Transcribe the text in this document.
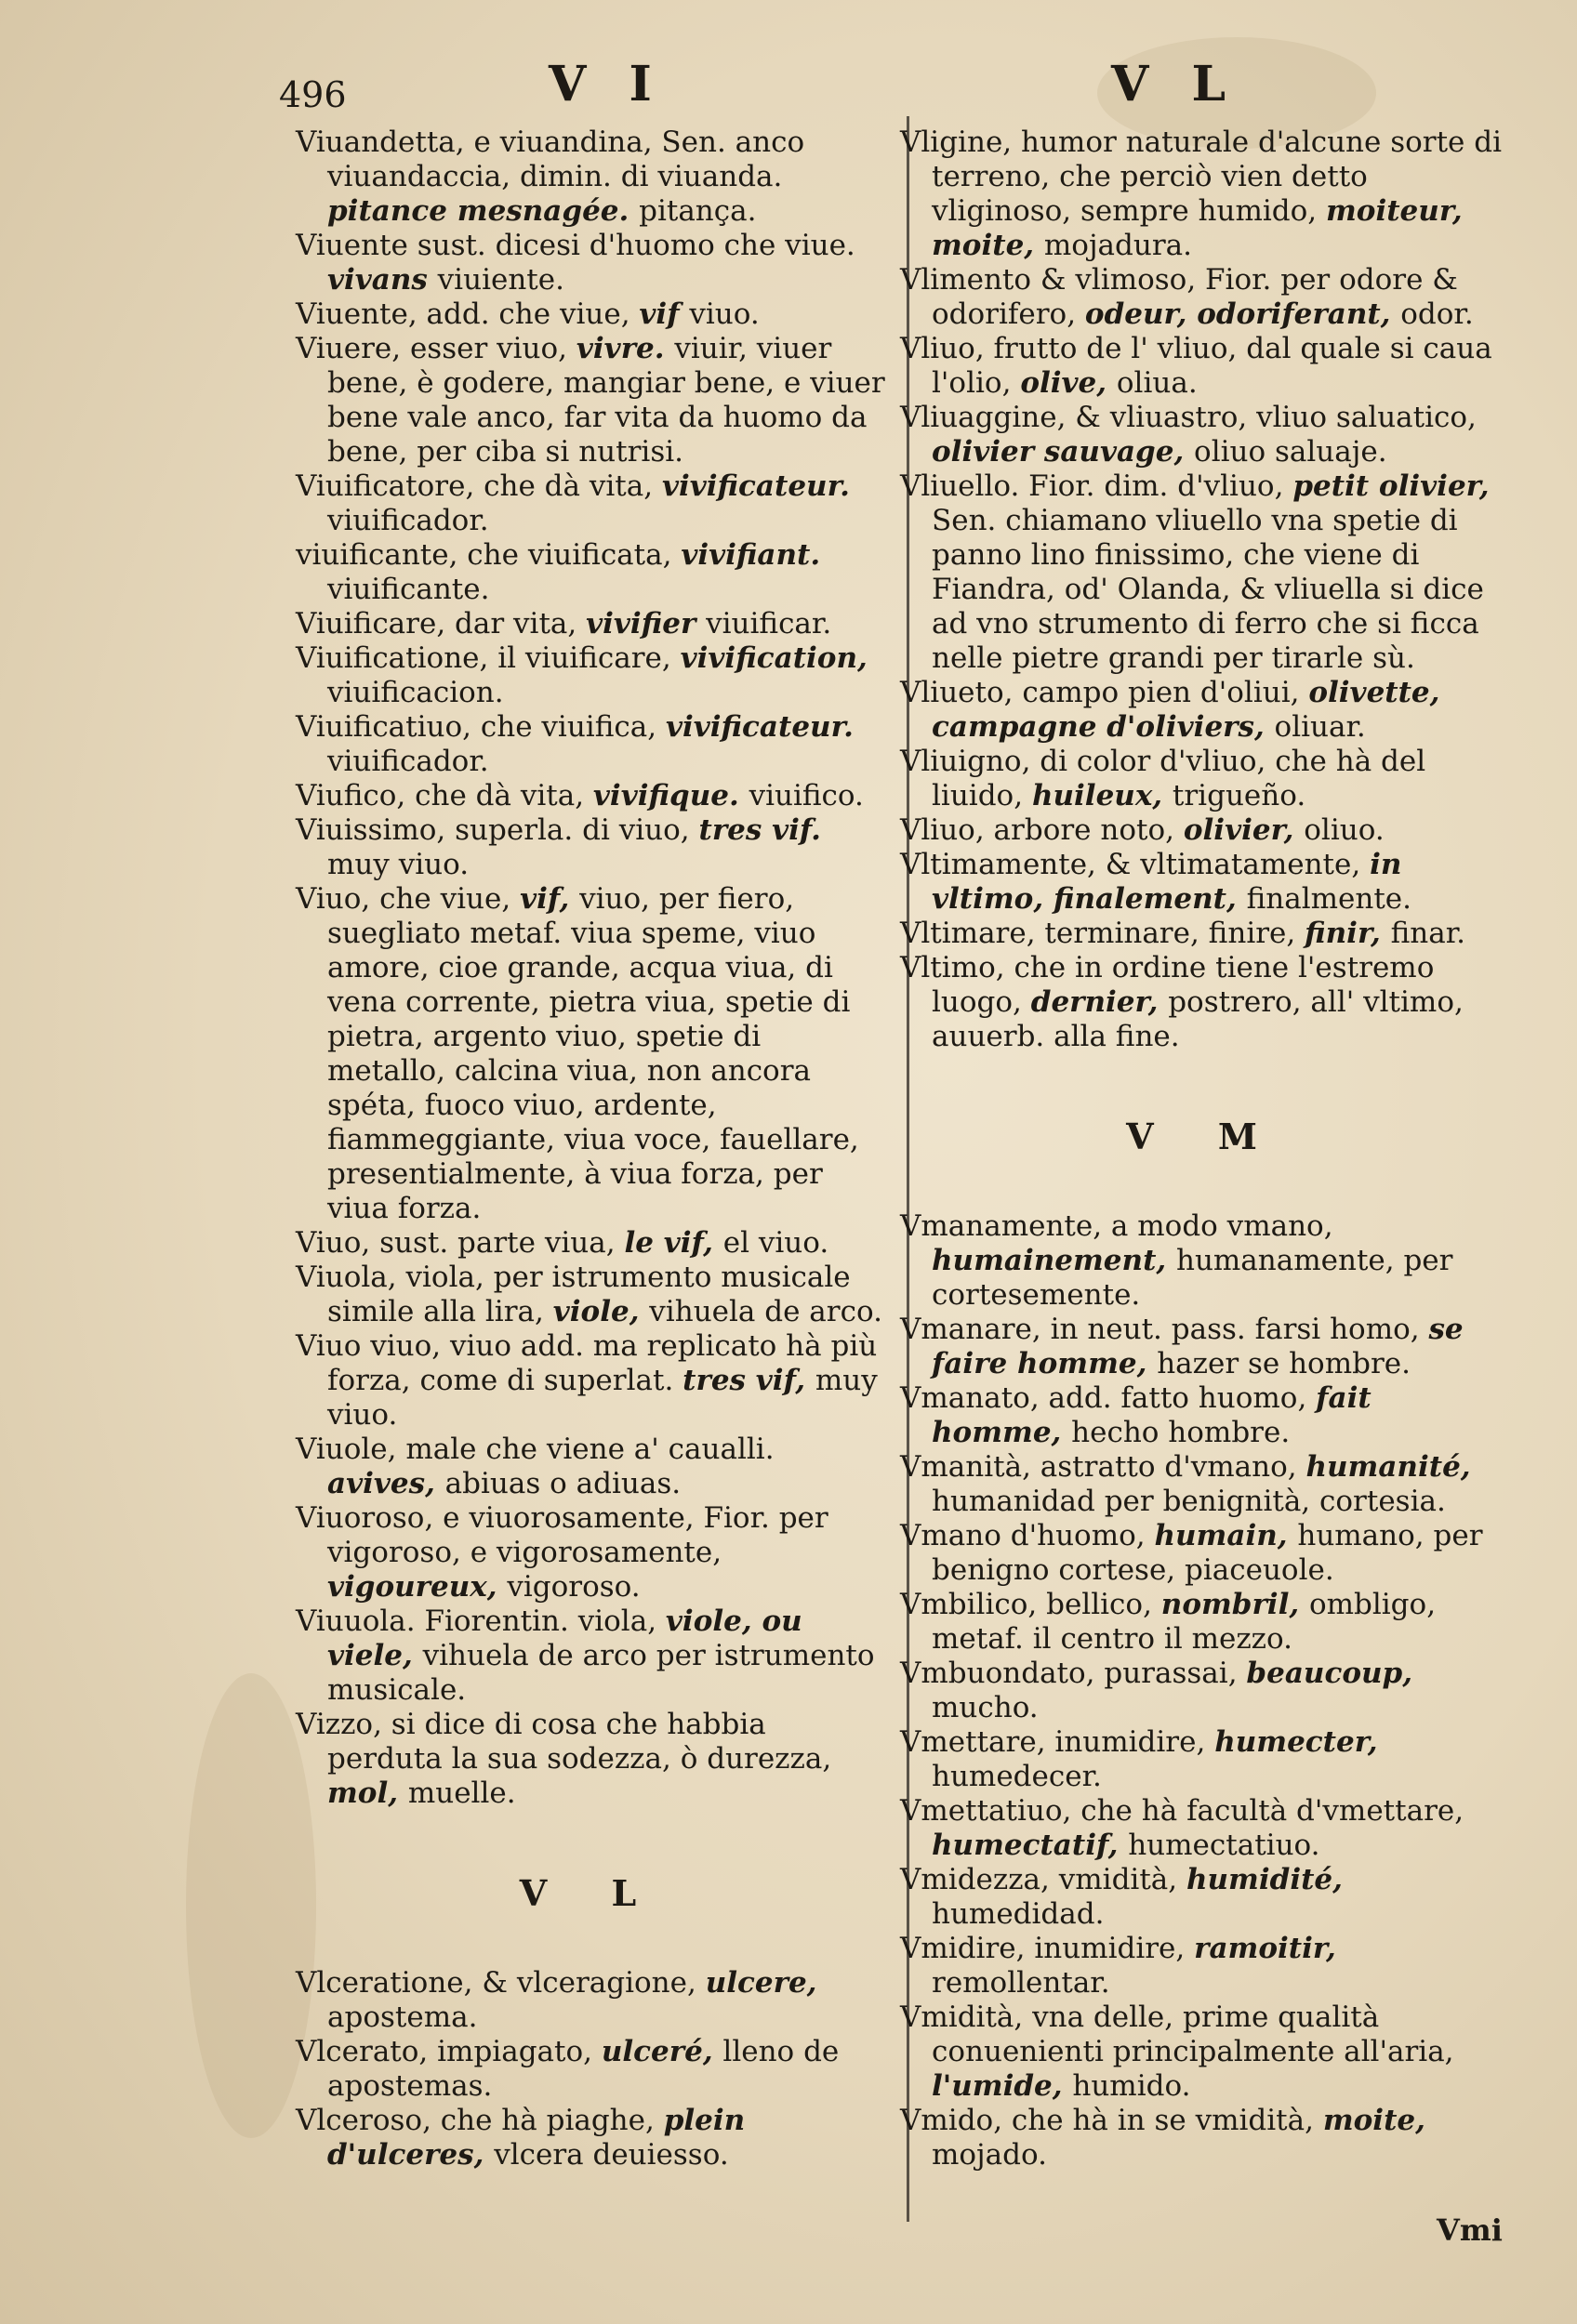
496	V I	V L

Viuandetta, e viuandina, Sen. anco viuandaccia, dimin. di viuanda. pitance mesnagée. pitança.

Viuente sust. dicesi d'huomo che viue. vivans viuiente.

Viuente, add. che viue, vif viuo.

Viuere, esser viuo, vivre. viuir, viuer bene, è godere, mangiar bene, e viuer bene vale anco, far vita da huomo da bene, per ciba si nutrisi.

Viuificatore, che dà vita, vivificateur. viuificador.

viuificante, che viuificata, vivifiant. viuificante.

Viuificare, dar vita, vivifier viuificar.

Viuificatione, il viuificare, vivification, viuificacion.

Viuificatiuo, che viuifica, vivificateur. viuificador.

Viufico, che dà vita, vivifique. viuifico.

Viuissimo, superla. di viuo, tres vif. muy viuo.

Viuo, che viue, vif, viuo, per fiero, suegliato metaf. viua speme, viuo amore, cioe grande, acqua viua, di vena corrente, pietra viua, spetie di pietra, argento viuo, spetie di metallo, calcina viua, non ancora spéta, fuoco viuo, ardente, fiammeggiante, viua voce, fauellare, presentialmente, à viua forza, per viua forza.

Viuo, sust. parte viua, le vif, el viuo.

Viuola, viola, per istrumento musicale simile alla lira, viole, vihuela de arco.

Viuo viuo, viuo add. ma replicato hà più forza, come di superlat. tres vif, muy viuo.

Viuole, male che viene a' caualli. avives, abiuas o adiuas.

Viuoroso, e viuorosamente, Fior. per vigoroso, e vigorosamente, vigoureux, vigoroso.

Viuuola. Fiorentin. viola, viole, ou viele, vihuela de arco per istrumento musicale.

Vizzo, si dice di cosa che habbia perduta la sua sodezza, ò durezza, mol, muelle.

V L

Vlceratione, & vlceragione, ulcere, apostema.

Vlcerato, impiagato, ulceré, lleno de apostemas.

Vlceroso, che hà piaghe, plein d'ulceres, vlcera deuiesso.

Vligine, humor naturale d'alcune sorte di terreno, che perciò vien detto vliginoso, sempre humido, moiteur, moite, mojadura.

Vlimento & vlimoso, Fior. per odore & odorifero, odeur, odoriferant, odor.

Vliuo, frutto de l' vliuo, dal quale si caua l'olio, olive, oliua.

Vliuaggine, & vliuastro, vliuo saluatico, olivier sauvage, oliuo saluaje.

Vliuello. Fior. dim. d'vliuo, petit olivier, Sen. chiamano vliuello vna spetie di panno lino finissimo, che viene di Fiandra, od' Olanda, & vliuella si dice ad vno strumento di ferro che si ficca nelle pietre grandi per tirarle sù.

Vliueto, campo pien d'oliui, olivette, campagne d'oliviers, oliuar.

Vliuigno, di color d'vliuo, che hà del liuido, huileux, trigueño.

Vliuo, arbore noto, olivier, oliuo.

Vltimamente, & vltimatamente, in vltimo, finalement, finalmente.

Vltimare, terminare, finire, finir, finar.

Vltimo, che in ordine tiene l'estremo luogo, dernier, postrero, all' vltimo, auuerb. alla fine.

V M

Vmanamente, a modo vmano, humainement, humanamente, per cortesemente.

Vmanare, in neut. pass. farsi homo, se faire homme, hazer se hombre.

Vmanato, add. fatto huomo, fait homme, hecho hombre.

Vmanità, astratto d'vmano, humanité, humanidad per benignità, cortesia.

Vmano d'huomo, humain, humano, per benigno cortese, piaceuole.

Vmbilico, bellico, nombril, ombligo, metaf. il centro il mezzo.

Vmbuondato, purassai, beaucoup, mucho.

Vmettare, inumidire, humecter, humedecer.

Vmettatiuo, che hà facultà d'vmettare, humectatif, humectatiuo.

Vmidezza, vmidità, humidité, humedidad.

Vmidire, inumidire, ramoitir, remollentar.

Vmidità, vna delle, prime qualità conuenienti principalmente all'aria, l'umide, humido.

Vmido, che hà in se vmidità, moite, mojado.

Vmi
